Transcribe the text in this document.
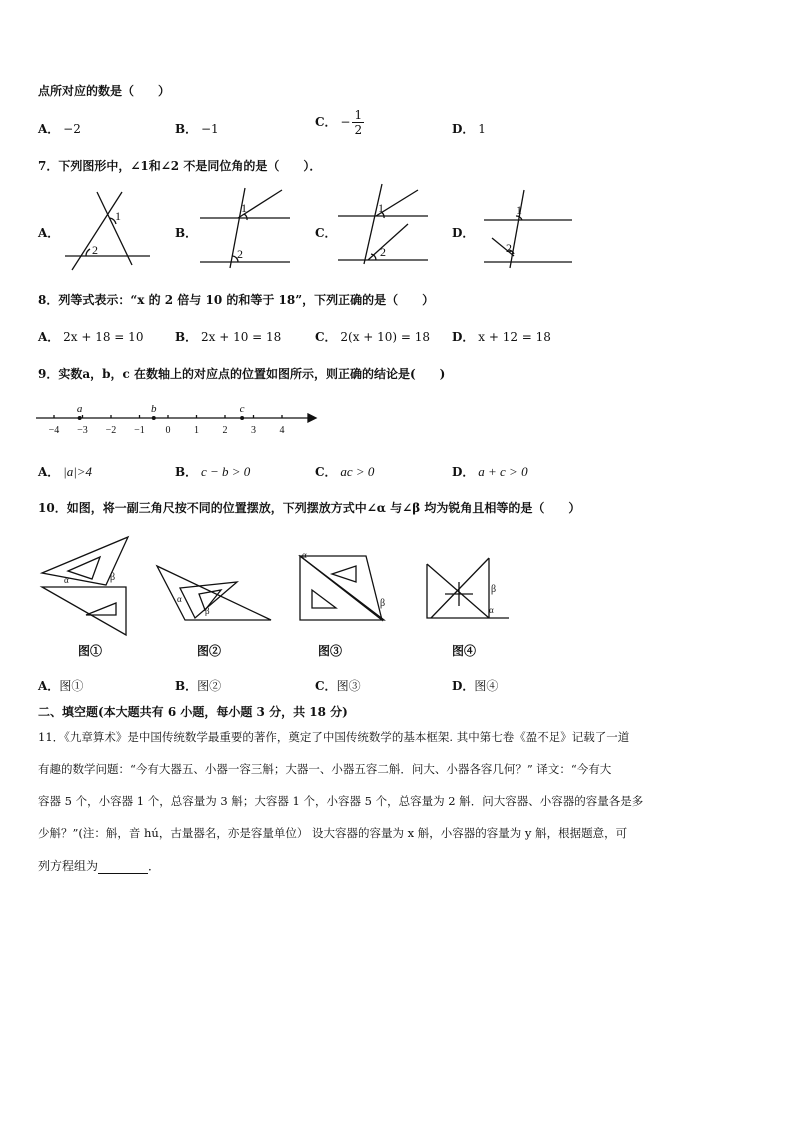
点所对应的数是（　　）
A． −2	B． −1	C． − $\frac{1}{2}$	D． 1
7．下列图形中，∠1和∠2 不是同位角的是（　　）．
A．	B．	C．	D．
1
2
1
2
1
2
1
2
8．列等式表示：“x 的 2 倍与 10 的和等于 18”，下列正确的是（　　）
A． 2x + 18 = 10	B． 2x + 10 = 18	C． 2(x + 10) = 18 D． x + 12 = 18
9．实数a，b，c 在数轴上的对应点的位置如图所示，则正确的结论是(　　)
−4 −3 −2 −1 0 1 2 3 4
a	b	c
A． |a|>4	B． c − b > 0	C． ac > 0	D． a + c > 0
10．如图，将一副三角尺按不同的位置摆放，下列摆放方式中∠α 与∠β 均为锐角且相等的是（　　）
α	β
α
β
α
β
β
α
图①	图②	图③	图④
A．图①	B．图②	C．图③	D．图④
二、填空题(本大题共有 6 小题，每小题 3 分，共 18 分)
11．《九章算术》是中国传统数学最重要的著作，奠定了中国传统数学的基本框架. 其中第七卷《盈不足》记载了一道
有趣的数学问题：“今有大器五、小器一容三斛；大器一、小器五容二斛．问大、小器各容几何？” 译文：“今有大
容器 5 个，小容器 1 个，总容量为 3 斛；大容器 1 个，小容器 5 个，总容量为 2 斛．问大容器、小容器的容量各是多
少斛？”(注：斛，音 hú，古量器名，亦是容量单位） 设大容器的容量为 x 斛，小容器的容量为 y 斛，根据题意，可
列方程组为	．
